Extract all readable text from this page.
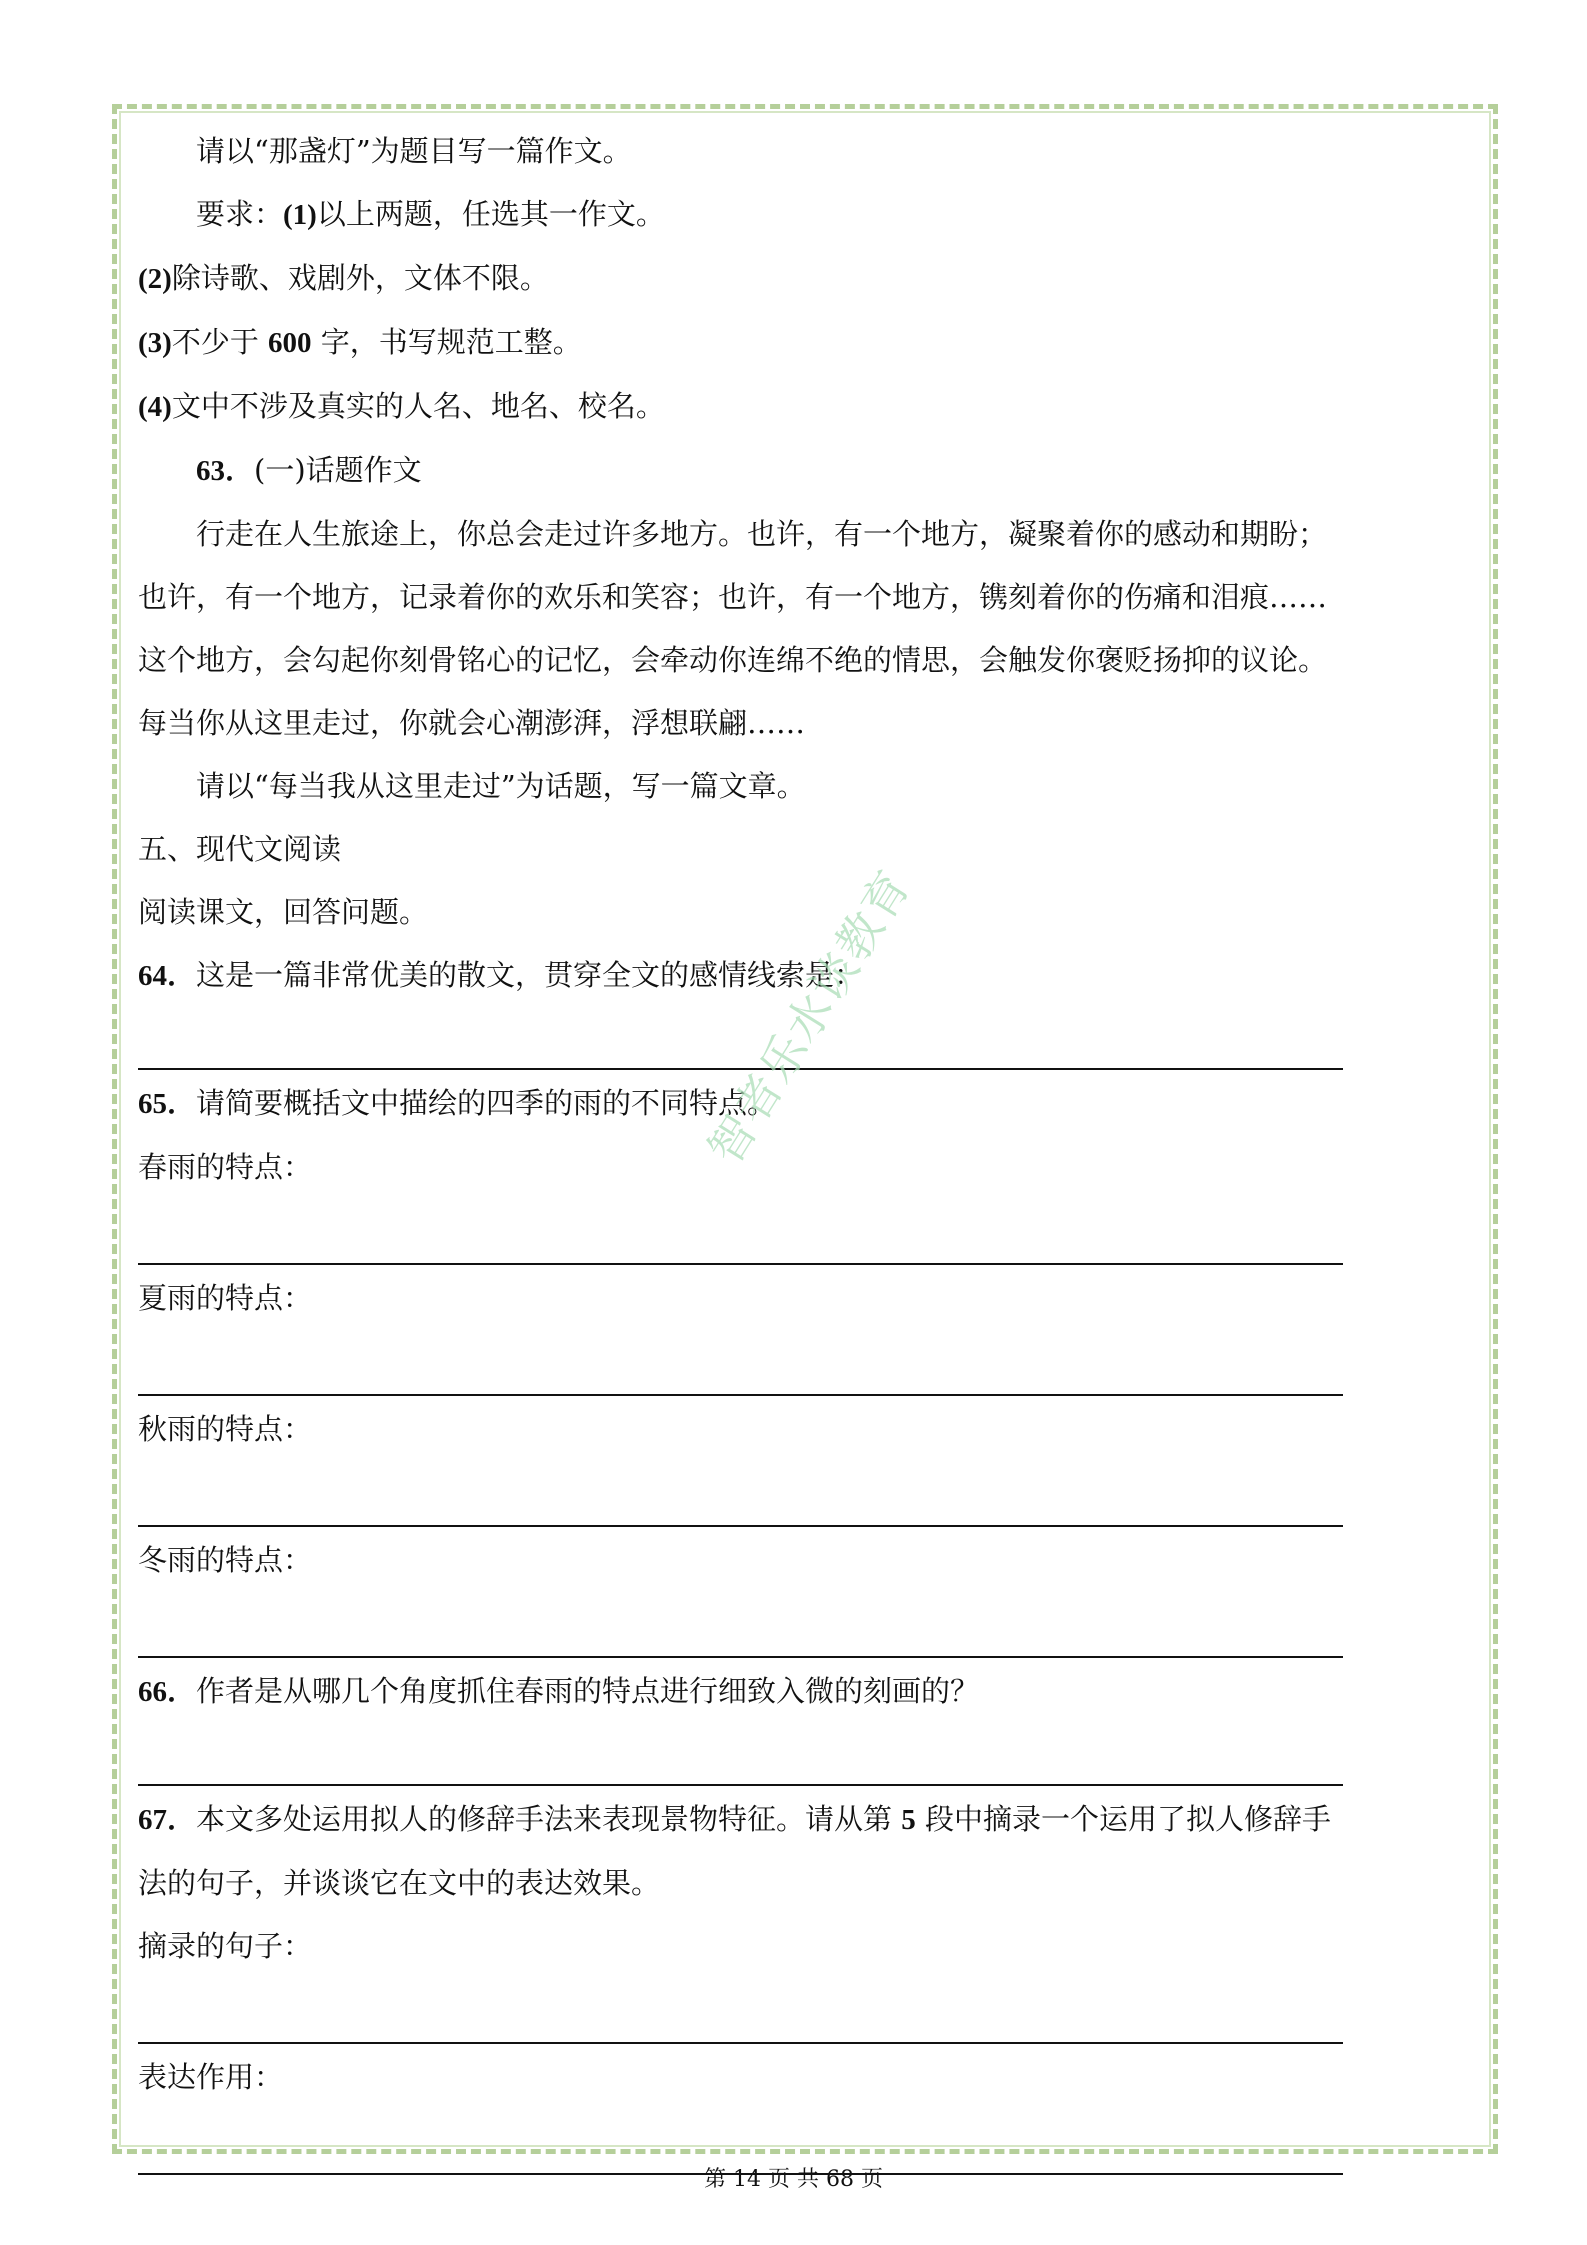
请以“那盏灯”为题目写一篇作文。
要求：(1)以上两题，任选其一作文。
(2)除诗歌、戏剧外，文体不限。
(3)不少于 600 字，书写规范工整。
(4)文中不涉及真实的人名、地名、校名。
63．(一)话题作文
行走在人生旅途上，你总会走过许多地方。也许，有一个地方，凝聚着你的感动和期盼；
也许，有一个地方，记录着你的欢乐和笑容；也许，有一个地方，镌刻着你的伤痛和泪痕……
这个地方，会勾起你刻骨铭心的记忆，会牵动你连绵不绝的情思，会触发你褒贬扬抑的议论。
每当你从这里走过，你就会心潮澎湃，浮想联翩……
请以“每当我从这里走过”为话题，写一篇文章。
五、现代文阅读
阅读课文，回答问题。
64．这是一篇非常优美的散文，贯穿全文的感情线索是：
65．请简要概括文中描绘的四季的雨的不同特点。
春雨的特点：
夏雨的特点：
秋雨的特点：
冬雨的特点：
66．作者是从哪几个角度抓住春雨的特点进行细致入微的刻画的？
67．本文多处运用拟人的修辞手法来表现景物特征。请从第 5 段中摘录一个运用了拟人修辞手
法的句子，并谈谈它在文中的表达效果。
摘录的句子：
表达作用：
智者乐水谈教育
第 14 页 共 68 页
